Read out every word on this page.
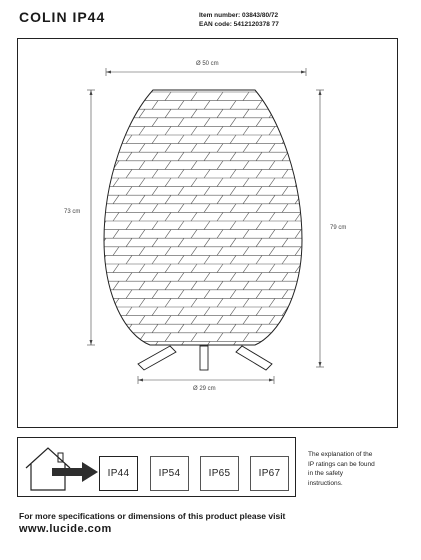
COLIN IP44	Item number: 03843/80/72
EAN code: 5412120378 77
Ø 50 cm
73 cm
79 cm
Ø 29 cm
IP44	IP54	IP65	IP67
The explanation of the
IP ratings can be found
in the safety
instructions.
For more specifications or dimensions of this product please visit
www.lucide.com
